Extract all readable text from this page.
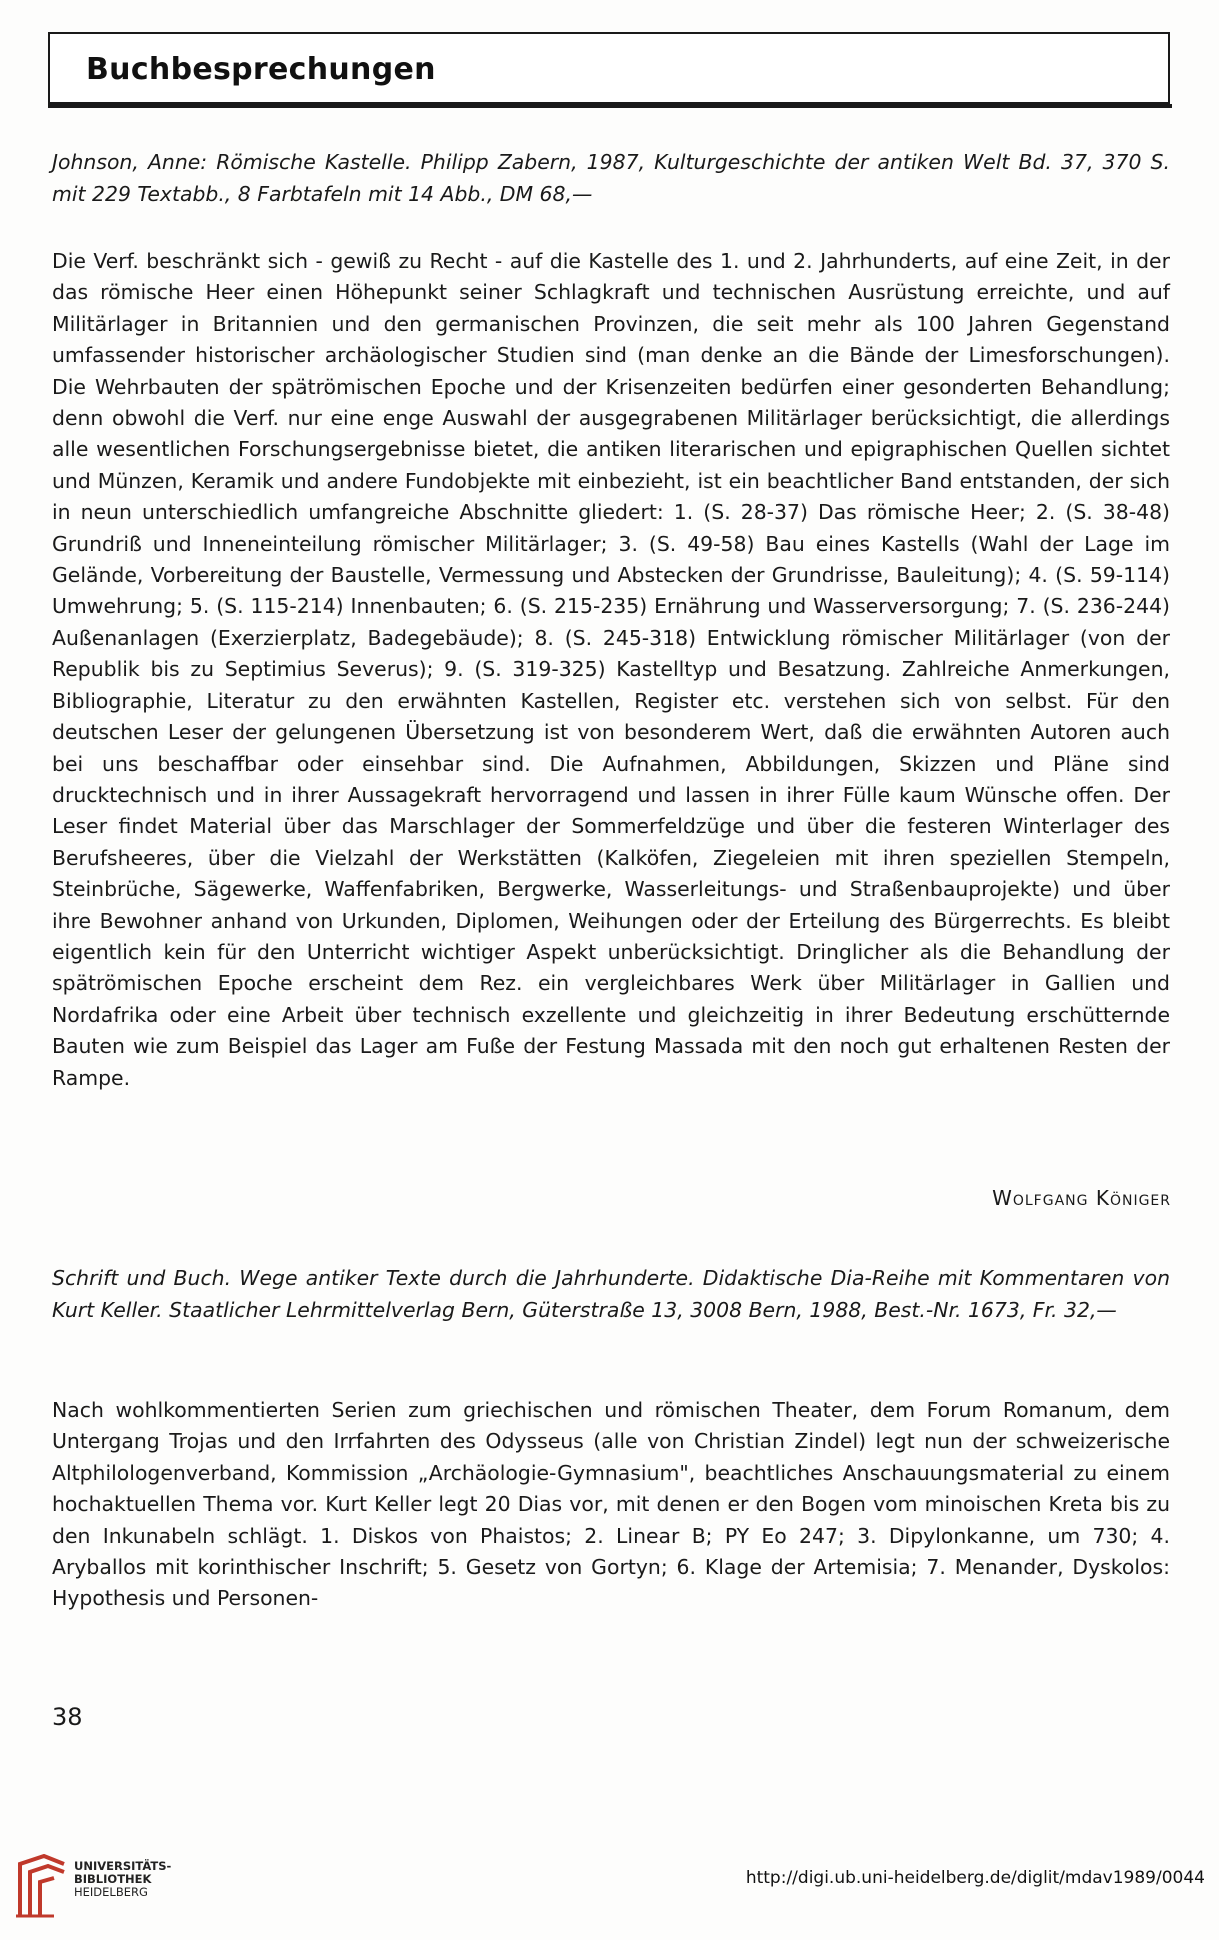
Buchbesprechungen

Johnson, Anne: Römische Kastelle. Philipp Zabern, 1987, Kulturgeschichte der antiken Welt Bd. 37, 370 S. mit 229 Textabb., 8 Farbtafeln mit 14 Abb., DM 68,—

Die Verf. beschränkt sich - gewiß zu Recht - auf die Kastelle des 1. und 2. Jahrhunderts, auf eine Zeit, in der das römische Heer einen Höhepunkt seiner Schlagkraft und technischen Ausrüstung erreichte, und auf Militärlager in Britannien und den germanischen Provinzen, die seit mehr als 100 Jahren Gegenstand umfassender historischer archäologischer Studien sind (man denke an die Bände der Limesforschungen). Die Wehrbauten der spätrömischen Epoche und der Krisenzeiten bedürfen einer gesonderten Behandlung; denn obwohl die Verf. nur eine enge Auswahl der ausgegrabenen Militärlager berücksichtigt, die allerdings alle wesentlichen Forschungsergebnisse bietet, die antiken literarischen und epigraphischen Quellen sichtet und Münzen, Keramik und andere Fundobjekte mit einbezieht, ist ein beachtlicher Band entstanden, der sich in neun unterschiedlich umfangreiche Abschnitte gliedert: 1. (S. 28-37) Das römische Heer; 2. (S. 38-48) Grundriß und Inneneinteilung römischer Militärlager; 3. (S. 49-58) Bau eines Kastells (Wahl der Lage im Gelände, Vorbereitung der Baustelle, Vermessung und Abstecken der Grundrisse, Bauleitung); 4. (S. 59-114) Umwehrung; 5. (S. 115-214) Innenbauten; 6. (S. 215-235) Ernährung und Wasserversorgung; 7. (S. 236-244) Außenanlagen (Exerzierplatz, Badegebäude); 8. (S. 245-318) Entwicklung römischer Militärlager (von der Republik bis zu Septimius Severus); 9. (S. 319-325) Kastelltyp und Besatzung. Zahlreiche Anmerkungen, Bibliographie, Literatur zu den erwähnten Kastellen, Register etc. verstehen sich von selbst. Für den deutschen Leser der gelungenen Übersetzung ist von besonderem Wert, daß die erwähnten Autoren auch bei uns beschaffbar oder einsehbar sind. Die Aufnahmen, Abbildungen, Skizzen und Pläne sind drucktechnisch und in ihrer Aussagekraft hervorragend und lassen in ihrer Fülle kaum Wünsche offen. Der Leser findet Material über das Marschlager der Sommerfeldzüge und über die festeren Winterlager des Berufsheeres, über die Vielzahl der Werkstätten (Kalköfen, Ziegeleien mit ihren speziellen Stempeln, Steinbrüche, Sägewerke, Waffenfabriken, Bergwerke, Wasserleitungs- und Straßenbauprojekte) und über ihre Bewohner anhand von Urkunden, Diplomen, Weihungen oder der Erteilung des Bürgerrechts. Es bleibt eigentlich kein für den Unterricht wichtiger Aspekt unberücksichtigt. Dringlicher als die Behandlung der spätrömischen Epoche erscheint dem Rez. ein vergleichbares Werk über Militärlager in Gallien und Nordafrika oder eine Arbeit über technisch exzellente und gleichzeitig in ihrer Bedeutung erschütternde Bauten wie zum Beispiel das Lager am Fuße der Festung Massada mit den noch gut erhaltenen Resten der Rampe.

Wolfgang Königer

Schrift und Buch. Wege antiker Texte durch die Jahrhunderte. Didaktische Dia-Reihe mit Kommentaren von Kurt Keller. Staatlicher Lehrmittelverlag Bern, Güterstraße 13, 3008 Bern, 1988, Best.-Nr. 1673, Fr. 32,—

Nach wohlkommentierten Serien zum griechischen und römischen Theater, dem Forum Romanum, dem Untergang Trojas und den Irrfahrten des Odysseus (alle von Christian Zindel) legt nun der schweizerische Altphilologenverband, Kommission „Archäologie-Gymnasium", beachtliches Anschauungsmaterial zu einem hochaktuellen Thema vor. Kurt Keller legt 20 Dias vor, mit denen er den Bogen vom minoischen Kreta bis zu den Inkunabeln schlägt. 1. Diskos von Phaistos; 2. Linear B; PY Eo 247; 3. Dipylonkanne, um 730; 4. Aryballos mit korinthischer Inschrift; 5. Gesetz von Gortyn; 6. Klage der Artemisia; 7. Menander, Dyskolos: Hypothesis und Personen-

38
UNIVERSITÄTS-
BIBLIOTHEK
HEIDELBERG
http://digi.ub.uni-heidelberg.de/diglit/mdav1989/0044
